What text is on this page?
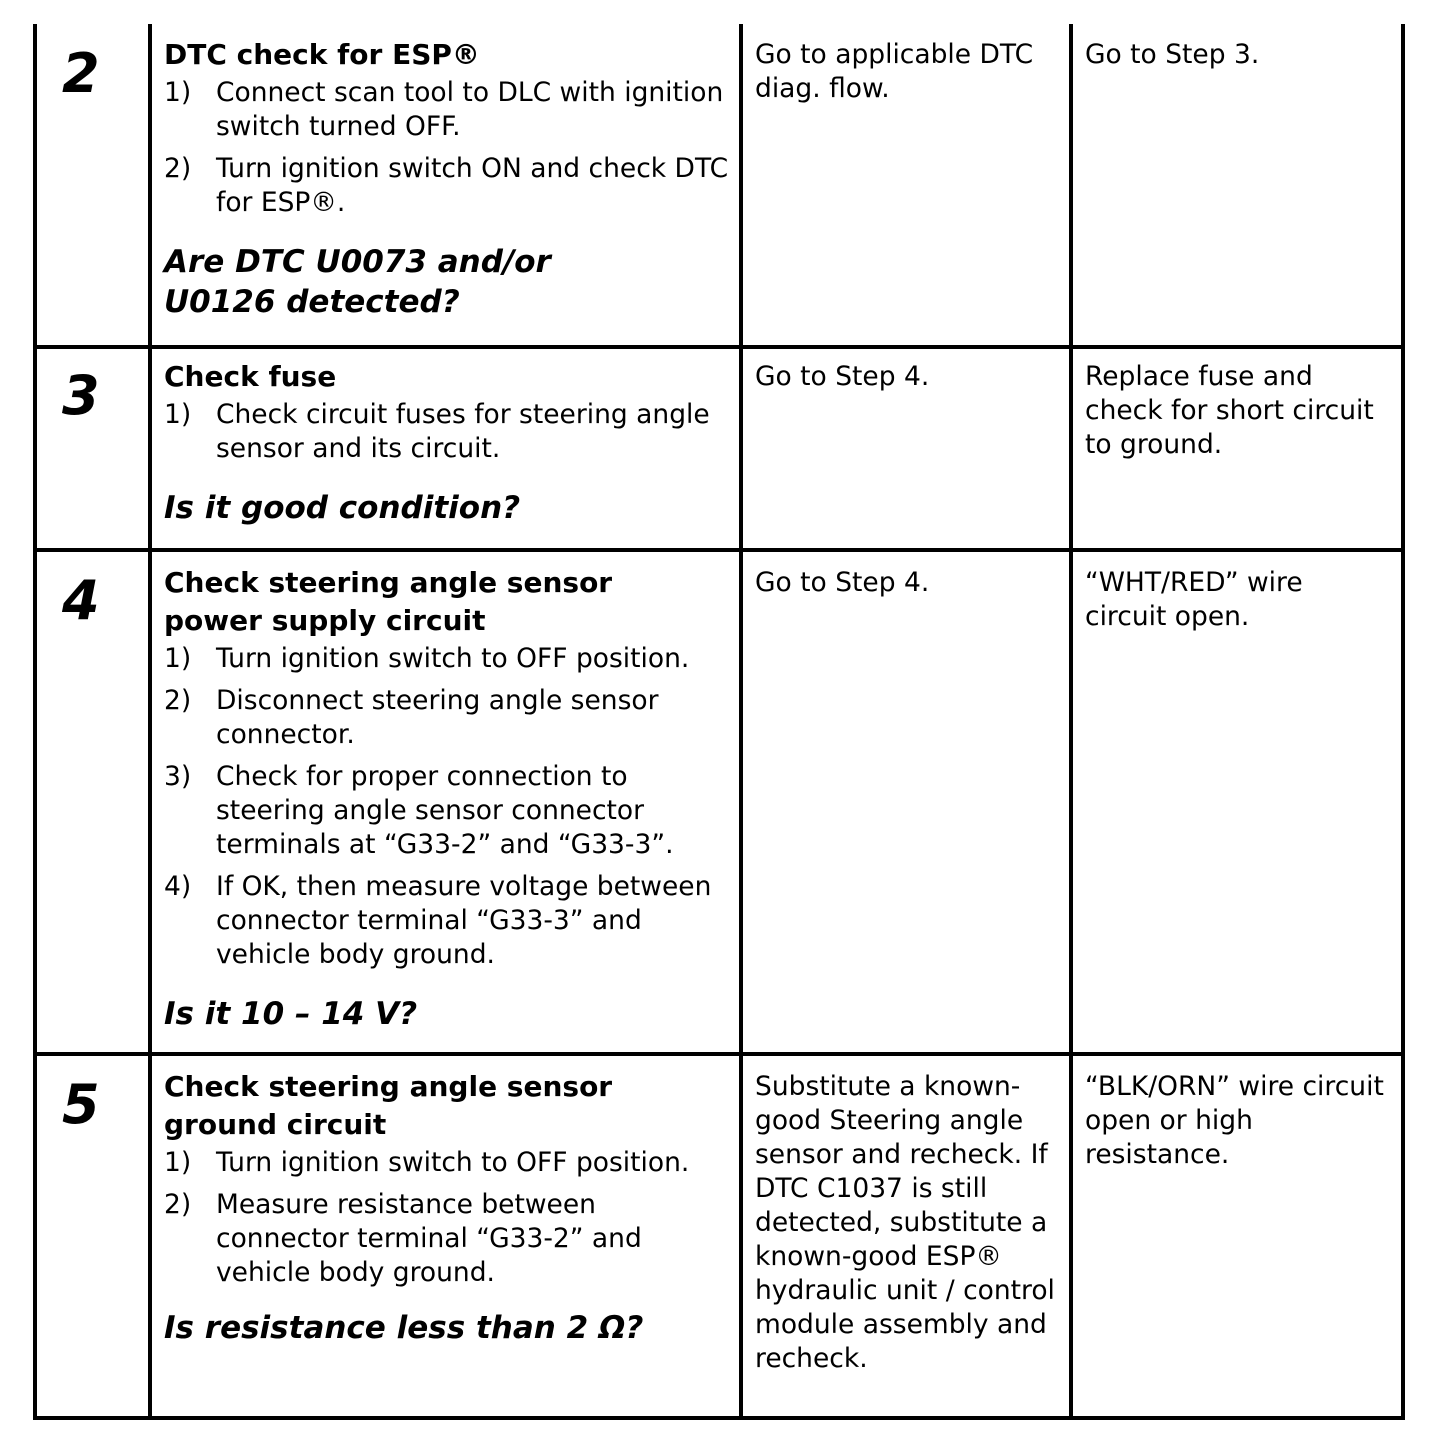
2 DTC check for ESP®
1) Connect scan tool to DLC with ignition switch turned OFF.
2) Turn ignition switch ON and check DTC for ESP®.
Are DTC U0073 and/or U0126 detected?
Go to applicable DTC diag. flow.
Go to Step 3.
3 Check fuse
1) Check circuit fuses for steering angle sensor and its circuit.
Is it good condition?
Go to Step 4.	Replace fuse and check for short circuit to ground.
4 Check steering angle sensor power supply circuit
1) Turn ignition switch to OFF position.
2) Disconnect steering angle sensor connector.
3) Check for proper connection to steering angle sensor connector terminals at “G33-2” and “G33-3”.
4) If OK, then measure voltage between connector terminal “G33-3” and vehicle body ground.
Is it 10 – 14 V?
Go to Step 4.	“WHT/RED” wire circuit open.
5 Check steering angle sensor ground circuit
1) Turn ignition switch to OFF position.
2) Measure resistance between connector terminal “G33-2” and vehicle body ground.
Is resistance less than 2 Ω?
Substitute a known-good Steering angle sensor and recheck. If DTC C1037 is still detected, substitute a known-good ESP® hydraulic unit / control module assembly and recheck.
“BLK/ORN” wire circuit open or high resistance.
